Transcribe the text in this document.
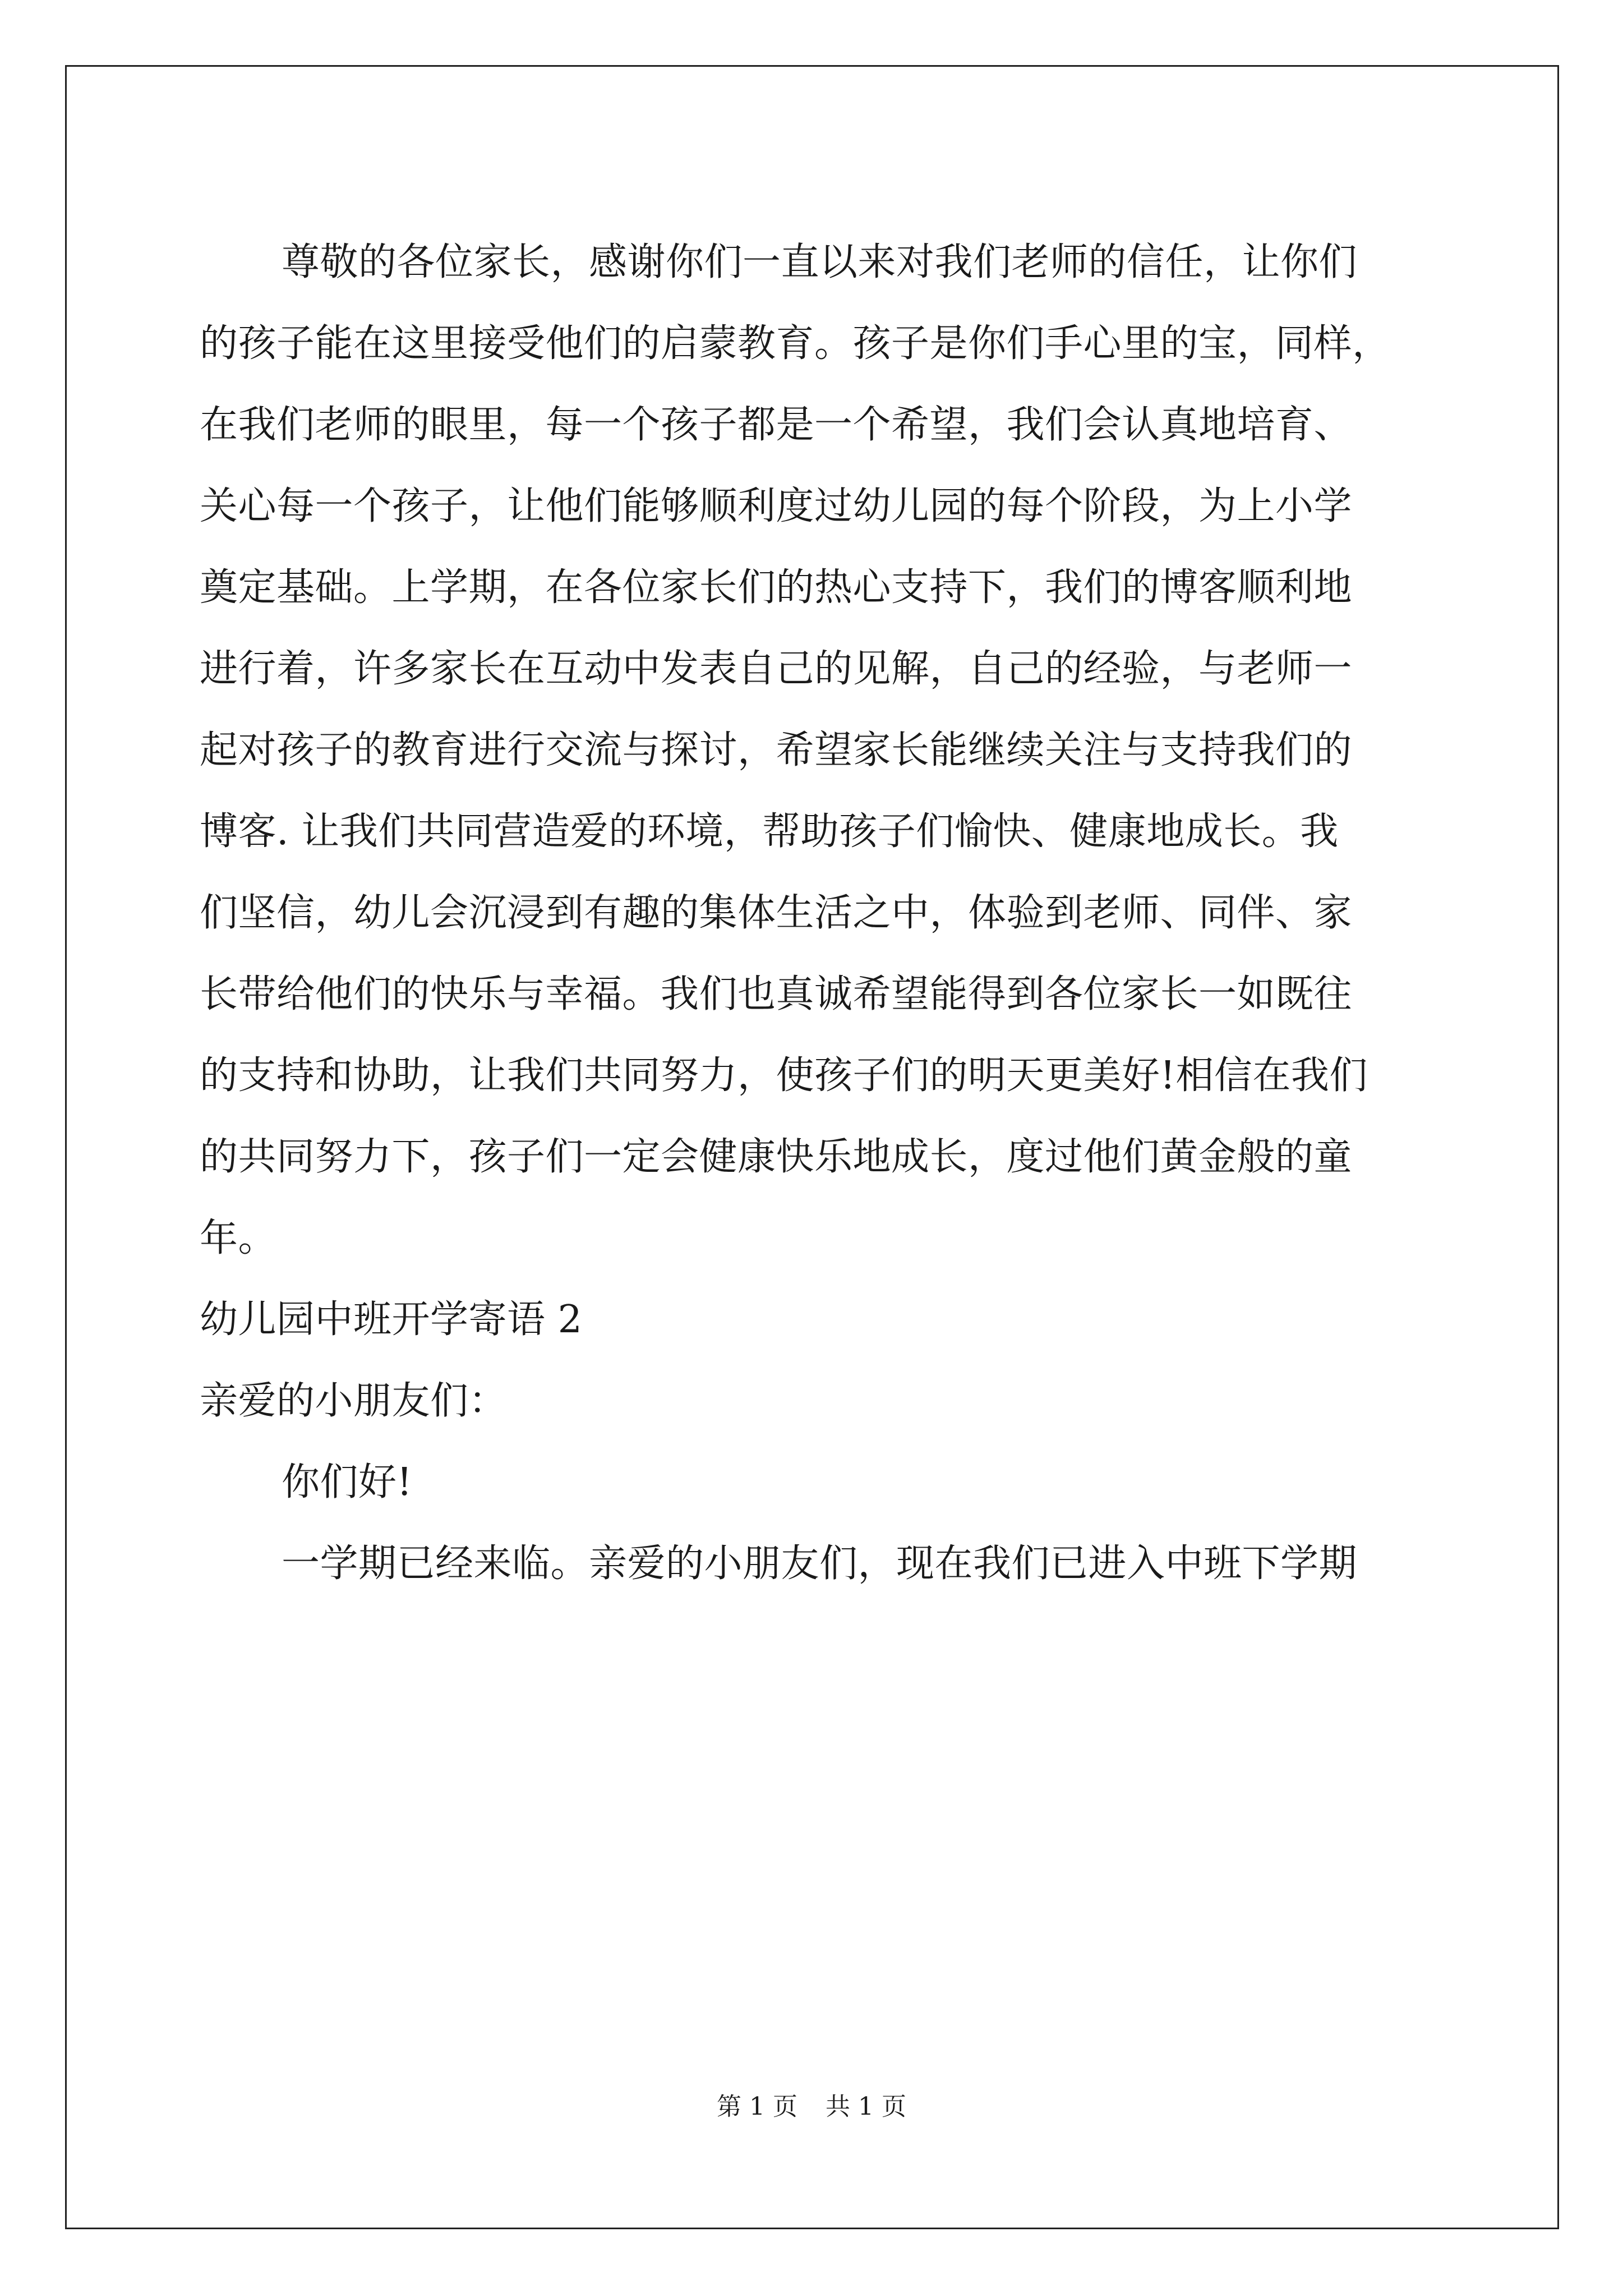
尊敬的各位家长，感谢你们一直以来对我们老师的信任，让你们
的孩子能在这里接受他们的启蒙教育。孩子是你们手心里的宝，同样，
在我们老师的眼里，每一个孩子都是一个希望，我们会认真地培育、
关心每一个孩子，让他们能够顺利度过幼儿园的每个阶段，为上小学
奠定基础。上学期，在各位家长们的热心支持下，我们的博客顺利地
进行着，许多家长在互动中发表自己的见解，自己的经验，与老师一
起对孩子的教育进行交流与探讨，希望家长能继续关注与支持我们的
博客. 让我们共同营造爱的环境，帮助孩子们愉快、健康地成长。我
们坚信，幼儿会沉浸到有趣的集体生活之中，体验到老师、同伴、家
长带给他们的快乐与幸福。我们也真诚希望能得到各位家长一如既往
的支持和协助，让我们共同努力，使孩子们的明天更美好!相信在我们
的共同努力下，孩子们一定会健康快乐地成长，度过他们黄金般的童
年。
幼儿园中班开学寄语 2
亲爱的小朋友们：
你们好!
一学期已经来临。亲爱的小朋友们，现在我们已进入中班下学期
第 1 页 共 1 页
